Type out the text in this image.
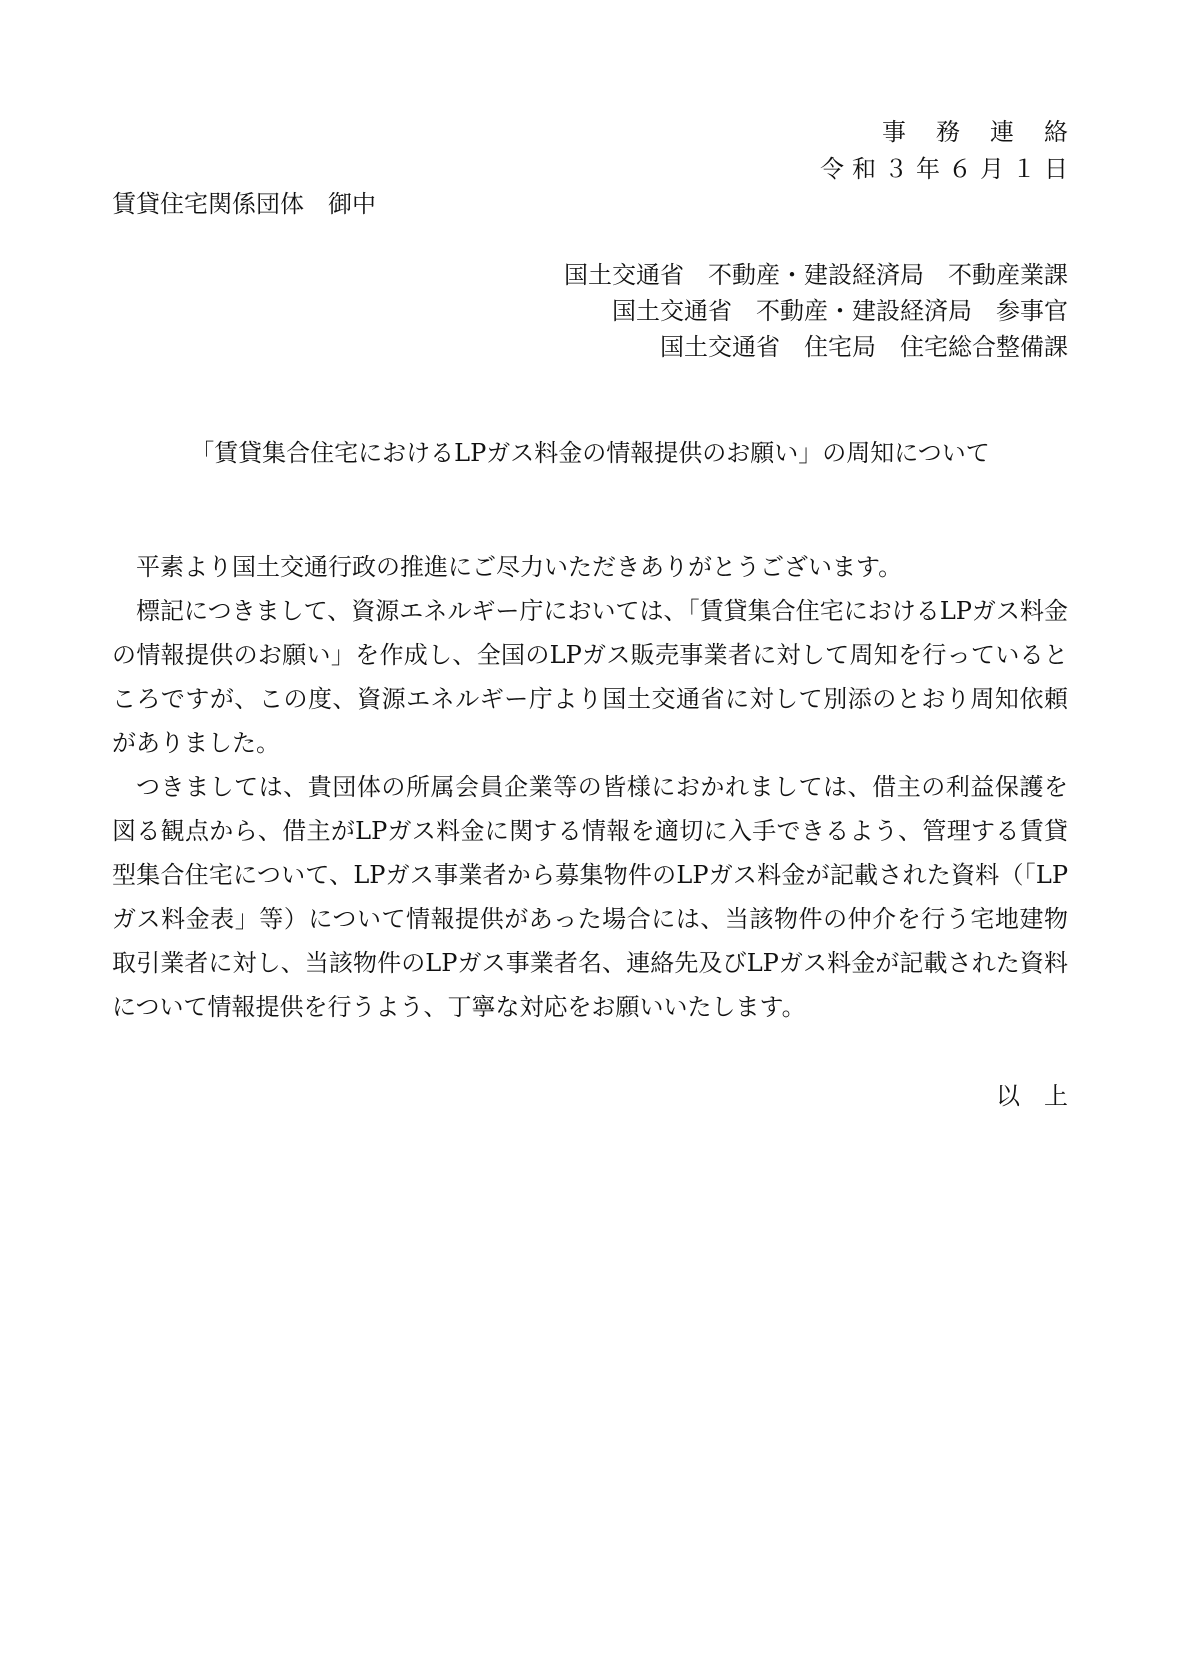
事務連絡
令和３年６月１日
賃貸住宅関係団体　御中
国土交通省　不動産・建設経済局　不動産業課
国土交通省　不動産・建設経済局　参事官
国土交通省　住宅局　住宅総合整備課
「賃貸集合住宅におけるLPガス料金の情報提供のお願い」の周知について

平素より国土交通行政の推進にご尽力いただきありがとうございます。

標記につきまして、資源エネルギー庁においては、「賃貸集合住宅におけるLPガス料金の情報提供のお願い」を作成し、全国のLPガス販売事業者に対して周知を行っているところですが、この度、資源エネルギー庁より国土交通省に対して別添のとおり周知依頼がありました。

つきましては、貴団体の所属会員企業等の皆様におかれましては、借主の利益保護を図る観点から、借主がLPガス料金に関する情報を適切に入手できるよう、管理する賃貸型集合住宅について、LPガス事業者から募集物件のLPガス料金が記載された資料（「LPガス料金表」等）について情報提供があった場合には、当該物件の仲介を行う宅地建物取引業者に対し、当該物件のLPガス事業者名、連絡先及びLPガス料金が記載された資料について情報提供を行うよう、丁寧な対応をお願いいたします。

以上
